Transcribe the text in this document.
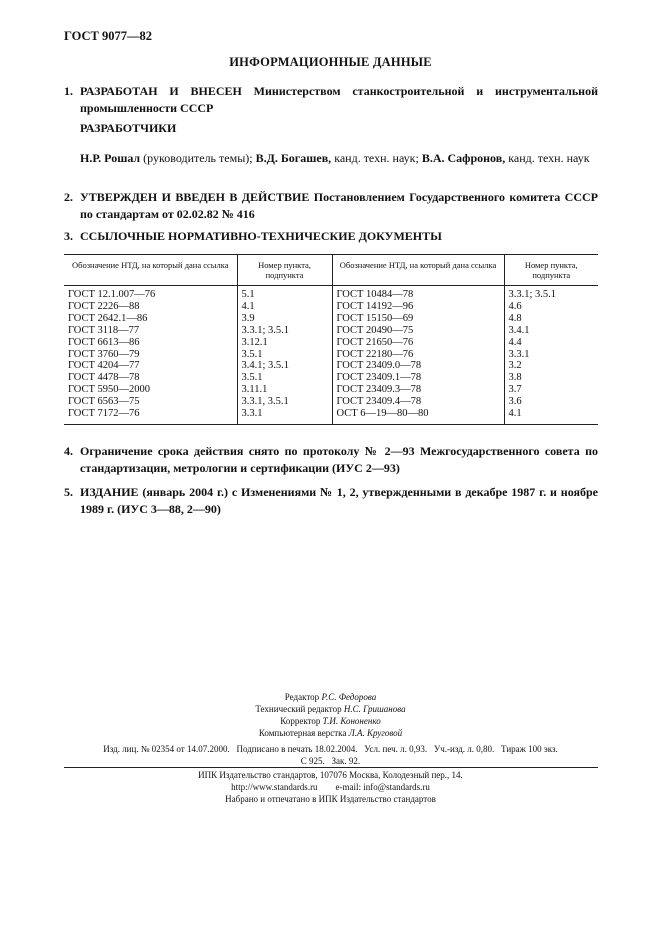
ГОСТ 9077—82
ИНФОРМАЦИОННЫЕ ДАННЫЕ
1. РАЗРАБОТАН И ВНЕСЕН Министерством станкостроительной и инструментальной промышленности СССР
РАЗРАБОТЧИКИ
Н.Р. Рошал (руководитель темы); В.Д. Богашев, канд. техн. наук; В.А. Сафронов, канд. техн. наук
2. УТВЕРЖДЕН И ВВЕДЕН В ДЕЙСТВИЕ Постановлением Государственного комитета СССР по стандартам от 02.02.82 № 416
3. ССЫЛОЧНЫЕ НОРМАТИВНО-ТЕХНИЧЕСКИЕ ДОКУМЕНТЫ
Обозначение НТД, на который дана ссылка	Номер пункта, подпункта	Обозначение НТД, на который дана ссылка	Номер пункта, подпункта
ГОСТ 12.1.007—76	5.1	ГОСТ 10484—78	3.3.1; 3.5.1
ГОСТ 2226—88	4.1	ГОСТ 14192—96	4.6
ГОСТ 2642.1—86	3.9	ГОСТ 15150—69	4.8
ГОСТ 3118—77	3.3.1; 3.5.1	ГОСТ 20490—75	3.4.1
ГОСТ 6613—86	3.12.1	ГОСТ 21650—76	4.4
ГОСТ 3760—79	3.5.1	ГОСТ 22180—76	3.3.1
ГОСТ 4204—77	3.4.1; 3.5.1	ГОСТ 23409.0—78	3.2
ГОСТ 4478—78	3.5.1	ГОСТ 23409.1—78	3.8
ГОСТ 5950—2000	3.11.1	ГОСТ 23409.3—78	3.7
ГОСТ 6563—75	3.3.1, 3.5.1	ГОСТ 23409.4—78	3.6
ГОСТ 7172—76	3.3.1	ОСТ 6—19—80—80	4.1
4. Ограничение срока действия снято по протоколу № 2—93 Межгосударственного совета по стандартизации, метрологии и сертификации (ИУС 2—93)
5. ИЗДАНИЕ (январь 2004 г.) с Изменениями № 1, 2, утвержденными в декабре 1987 г. и ноябре 1989 г. (ИУС 3—88, 2—90)
Редактор Р.С. Федорова
Технический редактор Н.С. Гришанова
Корректор Т.И. Кононенко
Компьютерная верстка Л.А. Круговой
Изд. лиц. № 02354 от 14.07.2000.   Подписано в печать 18.02.2004.   Усл. печ. л. 0,93.   Уч.-изд. л. 0,80.   Тираж 100 экз.
С 925.   Зак. 92.
ИПК Издательство стандартов, 107076 Москва, Колодезный пер., 14.
http://www.standards.ru        e-mail: info@standards.ru
Набрано и отпечатано в ИПК Издательство стандартов
